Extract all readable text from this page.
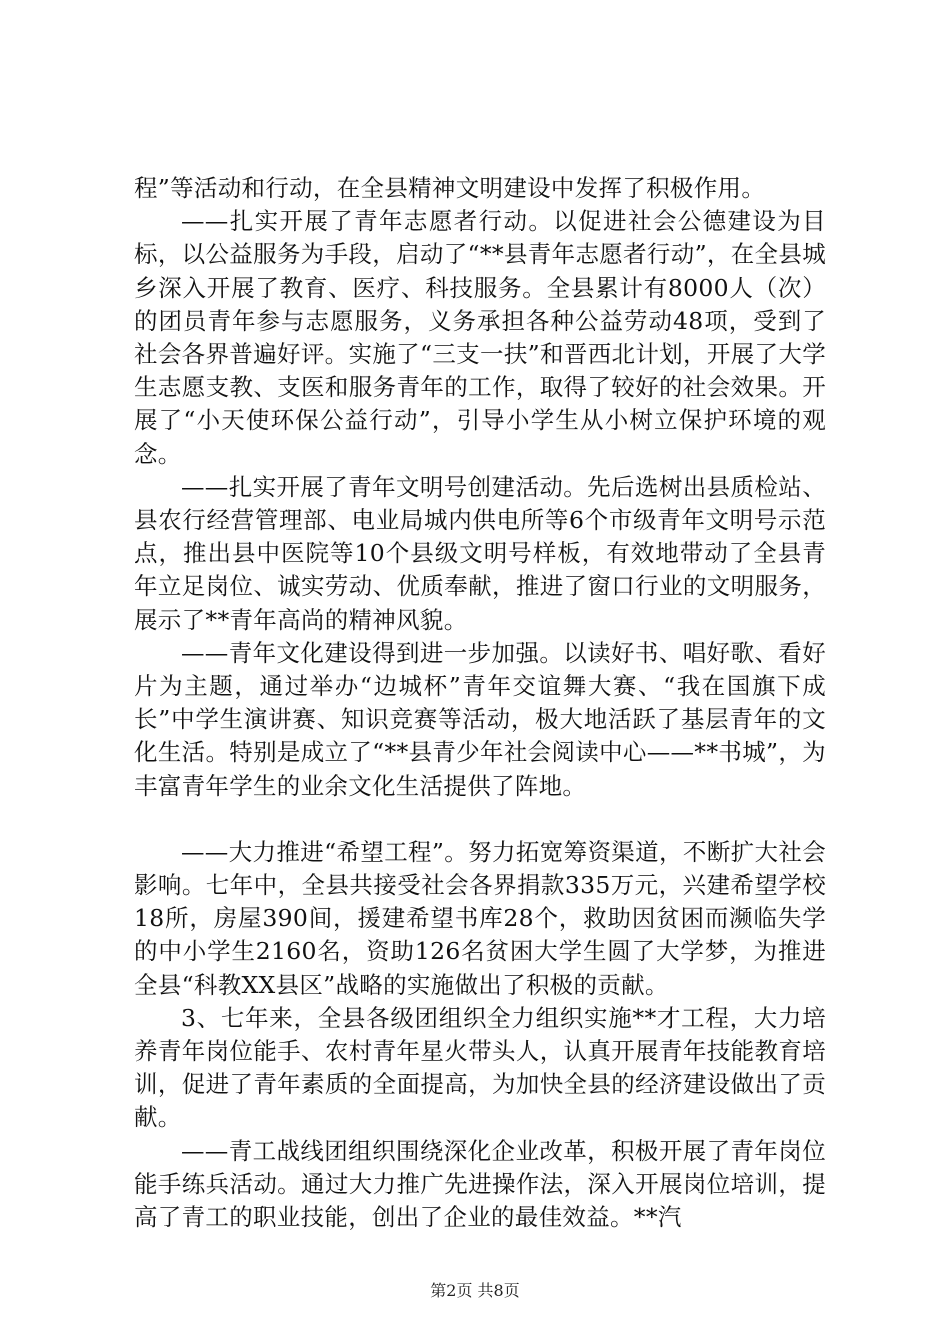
程”等活动和行动，在全县精神文明建设中发挥了积极作用。

——扎实开展了青年志愿者行动。以促进社会公德建设为目标，以公益服务为手段，启动了“**县青年志愿者行动”，在全县城乡深入开展了教育、医疗、科技服务。全县累计有8000人（次）的团员青年参与志愿服务，义务承担各种公益劳动48项，受到了社会各界普遍好评。实施了“三支一扶”和晋西北计划，开展了大学生志愿支教、支医和服务青年的工作，取得了较好的社会效果。开展了“小天使环保公益行动”，引导小学生从小树立保护环境的观念。

——扎实开展了青年文明号创建活动。先后选树出县质检站、县农行经营管理部、电业局城内供电所等6个市级青年文明号示范点，推出县中医院等10个县级文明号样板，有效地带动了全县青年立足岗位、诚实劳动、优质奉献，推进了窗口行业的文明服务，展示了**青年高尚的精神风貌。

——青年文化建设得到进一步加强。以读好书、唱好歌、看好片为主题，通过举办“边城杯”青年交谊舞大赛、“我在国旗下成长”中学生演讲赛、知识竞赛等活动，极大地活跃了基层青年的文化生活。特别是成立了“**县青少年社会阅读中心——**书城”，为丰富青年学生的业余文化生活提供了阵地。

——大力推进“希望工程”。努力拓宽筹资渠道，不断扩大社会影响。七年中，全县共接受社会各界捐款335万元，兴建希望学校18所，房屋390间，援建希望书库28个，救助因贫困而濒临失学的中小学生2160名，资助126名贫困大学生圆了大学梦，为推进全县“科教XX县区”战略的实施做出了积极的贡献。

3、七年来，全县各级团组织全力组织实施**才工程，大力培养青年岗位能手、农村青年星火带头人，认真开展青年技能教育培训，促进了青年素质的全面提高，为加快全县的经济建设做出了贡献。

——青工战线团组织围绕深化企业改革，积极开展了青年岗位能手练兵活动。通过大力推广先进操作法，深入开展岗位培训，提高了青工的职业技能，创出了企业的最佳效益。**汽

第2页 共8页
